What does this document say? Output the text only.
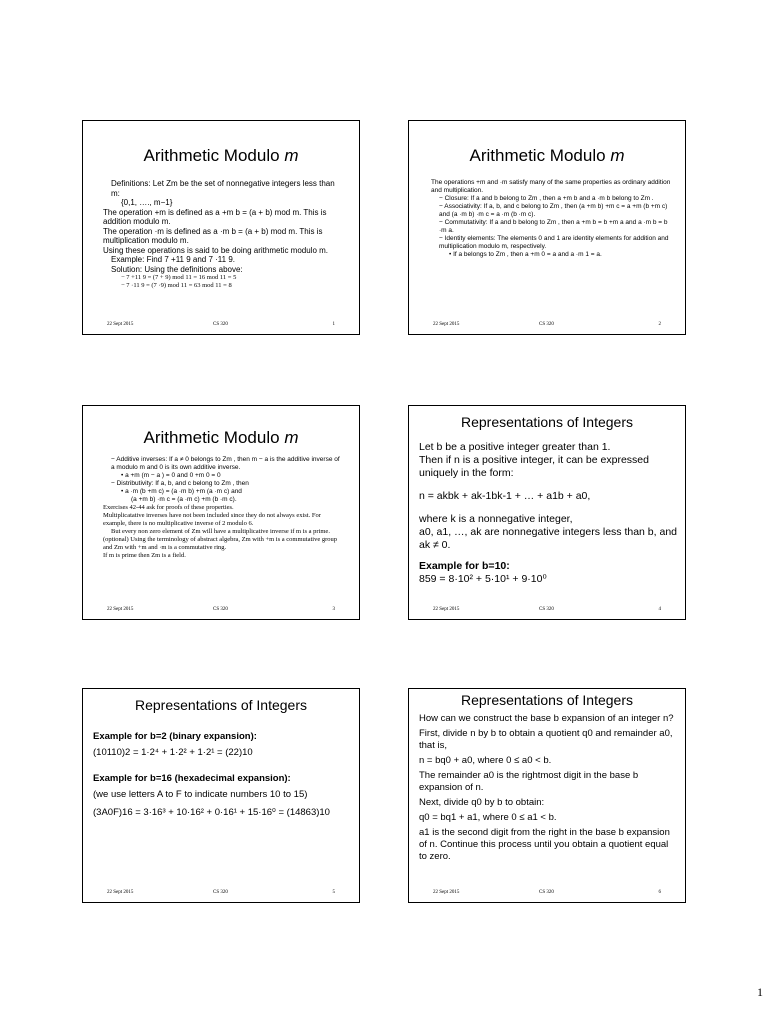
Arithmetic Modulo m

Definitions: Let Zm be the set of nonnegative integers less than m:

{0,1, …., m−1}

The operation +m is defined as a +m b = (a + b) mod m. This is addition modulo m.

The operation ·m is defined as a ·m b = (a + b) mod m. This is multiplication modulo m.

Using these operations is said to be doing arithmetic modulo m.

Example: Find 7 +11 9 and 7 ·11 9.

Solution: Using the definitions above:

− 7 +11 9 = (7 + 9) mod 11 = 16 mod 11 = 5

− 7 ·11 9 = (7 ·9) mod 11 = 63 mod 11 = 8

22 Sept 2015	CS 320	1
Arithmetic Modulo m

The operations +m and ·m satisfy many of the same properties as ordinary addition and multiplication.

− Closure: If a and b belong to Zm , then a +m b and a ·m b belong to Zm .

− Associativity: If a, b, and c belong to Zm , then (a +m b) +m c = a +m (b +m c) and (a ·m b) ·m c = a ·m (b ·m c).

− Commutativity: If a and b belong to Zm , then a +m b = b +m a and a ·m b = b ·m a.

− Identity elements: The elements 0 and 1 are identity elements for addition and multiplication modulo m, respectively.

• If a belongs to Zm , then a +m 0 = a and a ·m 1 = a.

22 Sept 2015	CS 320	2
Arithmetic Modulo m

− Additive inverses: If a ≠ 0 belongs to Zm , then m − a is the additive inverse of a modulo m and 0 is its own additive inverse.

• a +m (m − a ) = 0 and 0 +m 0 = 0

− Distributivity: If a, b, and c belong to Zm , then

• a ·m (b +m c) = (a ·m b) +m (a ·m c) and

(a +m b) ·m c = (a ·m c) +m (b ·m c).

Exercises 42-44 ask for proofs of these properties.

Multiplicatative inverses have not been included since they do not always exist. For example, there is no multiplicative inverse of 2 modulo 6.

But every non zero element of Zm will have a multiplicative inverse if m is a prime.

(optional) Using the terminology of abstract algebra, Zm with +m is a commutative group and Zm with +m and ·m is a commutative ring.

If m is prime then Zm is a field.

22 Sept 2015	CS 320	3
Representations of Integers

Let b be a positive integer greater than 1.

Then if n is a positive integer, it can be expressed uniquely in the form:

n = akbk + ak-1bk-1 + … + a1b + a0,

where k is a nonnegative integer,

a0, a1, …, ak are nonnegative integers less than b, and ak ≠ 0.

Example for b=10:

859 = 8·10² + 5·10¹ + 9·10⁰

22 Sept 2015	CS 320	4
Representations of Integers

Example for b=2 (binary expansion):

(10110)2 = 1·2⁴ + 1·2² + 1·2¹ = (22)10

Example for b=16 (hexadecimal expansion):

(we use letters A to F to indicate numbers 10 to 15)

(3A0F)16 = 3·16³ + 10·16² + 0·16¹ + 15·16⁰ = (14863)10

22 Sept 2015	CS 320	5
Representations of Integers

How can we construct the base b expansion of an integer n?

First, divide n by b to obtain a quotient q0 and remainder a0, that is,

n = bq0 + a0, where 0 ≤ a0 < b.

The remainder a0 is the rightmost digit in the base b expansion of n.

Next, divide q0 by b to obtain:

q0 = bq1 + a1, where 0 ≤ a1 < b.

a1 is the second digit from the right in the base b expansion of n. Continue this process until you obtain a quotient equal to zero.

22 Sept 2015	CS 320	6
1
